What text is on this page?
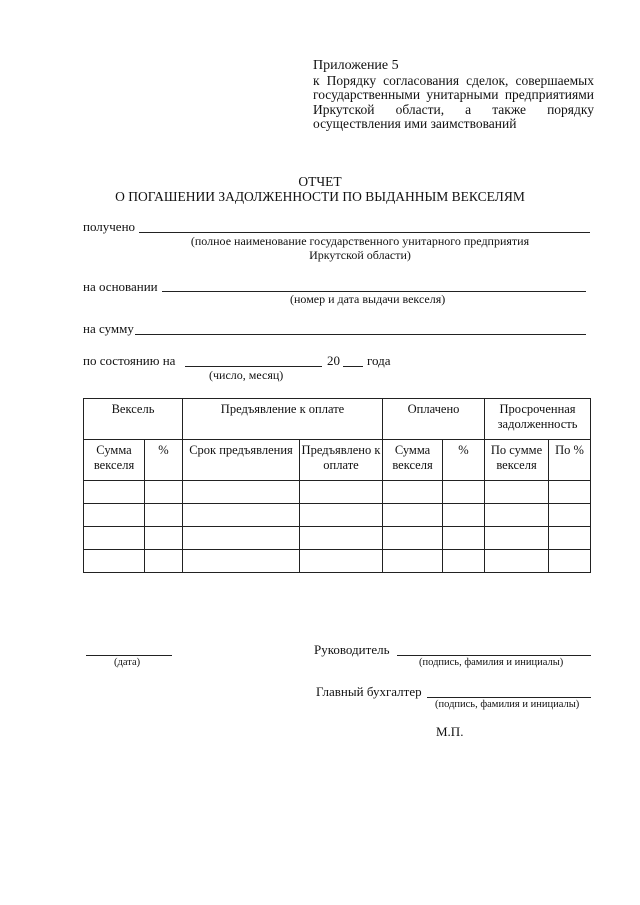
Приложение 5
к Порядку согласования сделок, совершаемых государственными унитарными предприятиями Иркутской области, а также порядку осуществления ими заимствований
ОТЧЕТ
О ПОГАШЕНИИ ЗАДОЛЖЕННОСТИ ПО ВЫДАННЫМ ВЕКСЕЛЯМ
получено
(полное наименование государственного унитарного предприятия
Иркутской области)
на основании
(номер и дата выдачи векселя)
на сумму
по состоянию на	20 года
(число, месяц)
Вексель		Предъявление к оплате		Оплачено		Просроченная задолженность	
Сумма векселя	%	Срок предъявления	Предъявлено к оплате	Сумма векселя	%	По сумме векселя	По %

(дата)
Руководитель
(подпись, фамилия и инициалы)
Главный бухгалтер
(подпись, фамилия и инициалы)
М.П.
